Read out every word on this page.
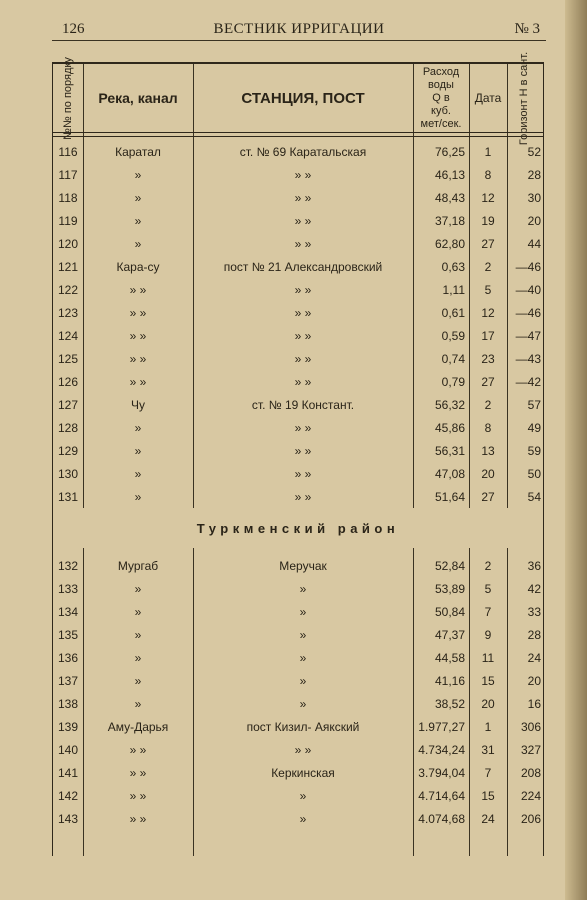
126	ВЕСТНИК ИРРИГАЦИИ	№ 3
№№ по порядку	Река, канал	СТАНЦИЯ, ПОСТ
Расход
воды
Q в
куб.
мет/сек.
Дата	Горизонт H в сант.
116	Каратал	ст. № 69 Каратальская	76,25	1	52
117	»	» »	46,13	8	28
118	»	» »	48,43	12	30
119	»	» »	37,18	19	20
120	»	» »	62,80	27	44
121	Кара-су	пост № 21 Александровский	0,63	2	—46
122	» »	» »	1,11	5	—40
123	» »	» »	0,61	12	—46
124	» »	» »	0,59	17	—47
125	» »	» »	0,74	23	—43
126	» »	» »	0,79	27	—42
127	Чу	ст. № 19 Констант.	56,32	2	57
128	»	» »	45,86	8	49
129	»	» »	56,31	13	59
130	»	» »	47,08	20	50
131	»	» »	51,64	27	54
Туркменский район
132	Мургаб	Меручак	52,84	2	36
133	»	»	53,89	5	42
134	»	»	50,84	7	33
135	»	»	47,37	9	28
136	»	»	44,58	11	24
137	»	»	41,16	15	20
138	»	»	38,52	20	16
139	Аму-Дарья	пост Кизил- Аякский	1.977,27	1	306
140	» »	» »	4.734,24	31	327
141	» »	Керкинская	3.794,04	7	208
142	» »	»	4.714,64	15	224
143	» »	»	4.074,68	24	206
